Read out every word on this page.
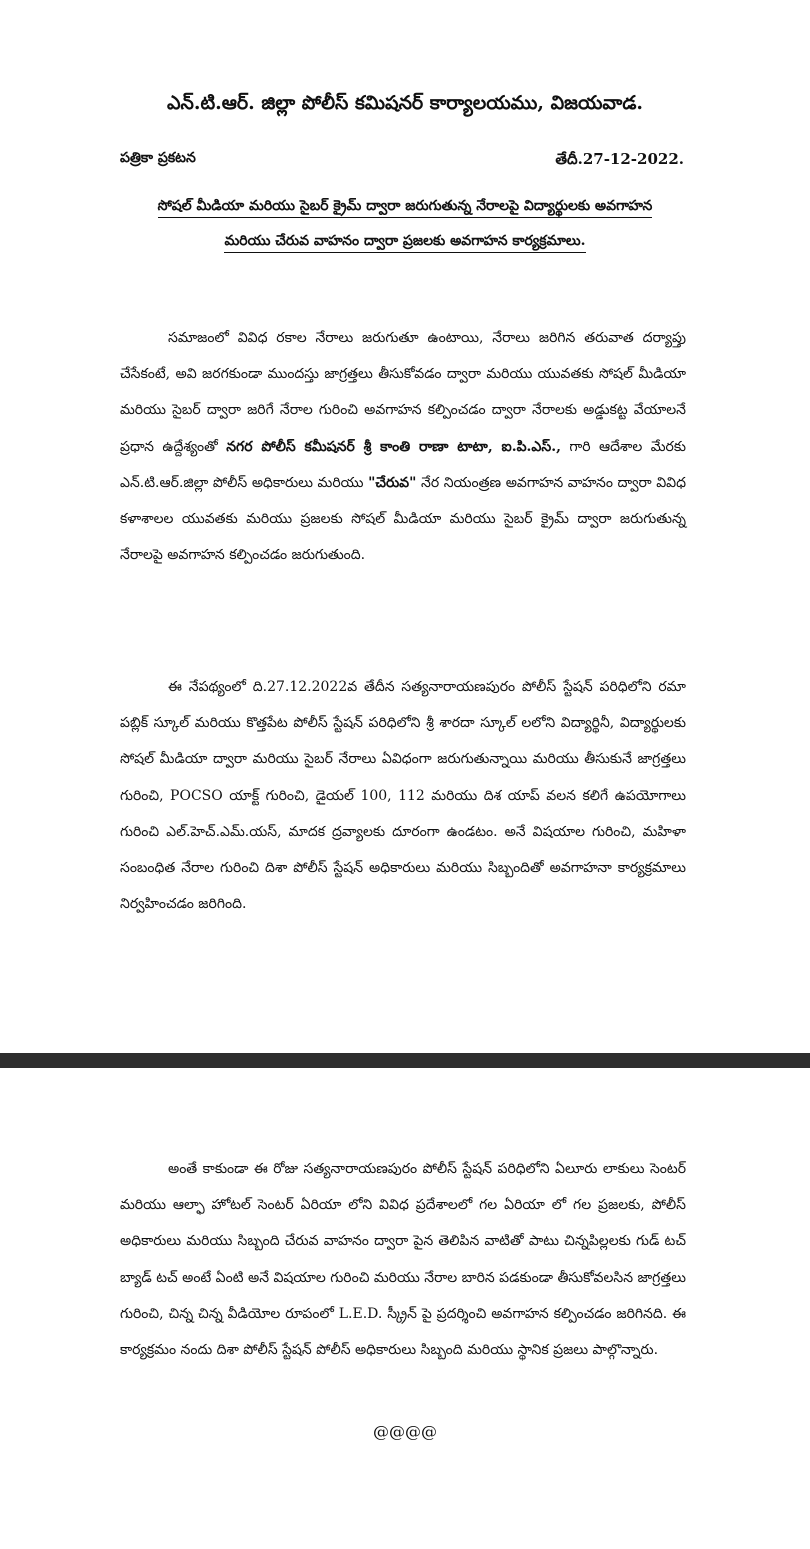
ఎన్.టి.ఆర్. జిల్లా పోలీస్ కమిషనర్ కార్యాలయము, విజయవాడ.
పత్రికా ప్రకటన	తేదీ.27-12-2022.
సోషల్ మీడియా మరియు సైబర్ క్రైమ్ ద్వారా జరుగుతున్న నేరాలపై విద్యార్థులకు అవగాహన
మరియు చేరువ వాహనం ద్వారా ప్రజలకు అవగాహన కార్యక్రమాలు.

సమాజంలో వివిధ రకాల నేరాలు జరుగుతూ ఉంటాయి, నేరాలు జరిగిన తరువాత దర్యాప్తు చేసేకంటే, అవి జరగకుండా ముందస్తు జాగ్రత్తలు తీసుకోవడం ద్వారా మరియు యువతకు సోషల్ మీడియా మరియు సైబర్ ద్వారా జరిగే నేరాల గురించి అవగాహన కల్పించడం ద్వారా నేరాలకు అడ్డుకట్ట వేయాలనే ప్రధాన ఉద్దేశ్యంతో నగర పోలీస్ కమీషనర్ శ్రీ కాంతి రాణా టాటా, ఐ.పి.ఎస్., గారి ఆదేశాల మేరకు ఎన్.టి.ఆర్.జిల్లా పోలీస్ అధికారులు మరియు "చేరువ" నేర నియంత్రణ అవగాహన వాహనం ద్వారా వివిధ కళాశాలల యువతకు మరియు ప్రజలకు సోషల్ మీడియా మరియు సైబర్ క్రైమ్ ద్వారా జరుగుతున్న నేరాలపై అవగాహన కల్పించడం జరుగుతుంది.

ఈ నేపథ్యంలో ది.27.12.2022వ తేదీన సత్యనారాయణపురం పోలీస్ స్టేషన్ పరిధిలోని రమా పబ్లిక్ స్కూల్ మరియు కొత్తపేట పోలీస్ స్టేషన్ పరిధిలోని శ్రీ శారదా స్కూల్ లలోని విద్యార్థినీ, విద్యార్థులకు సోషల్ మీడియా ద్వారా మరియు సైబర్ నేరాలు ఏవిధంగా జరుగుతున్నాయి మరియు తీసుకునే జాగ్రత్తలు గురించి, POCSO యాక్ట్ గురించి, డైయల్ 100, 112 మరియు దిశ యాప్ వలన కలిగే ఉపయోగాలు గురించి ఎల్.హెచ్.ఎమ్.యస్, మాదక ద్రవ్యాలకు దూరంగా ఉండటం. అనే విషయాల గురించి, మహిళా సంబంధిత నేరాల గురించి దిశా పోలీస్ స్టేషన్ అధికారులు మరియు సిబ్బందితో అవగాహనా కార్యక్రమాలు నిర్వహించడం జరిగింది.

అంతే కాకుండా ఈ రోజు సత్యనారాయణపురం పోలీస్ స్టేషన్ పరిధిలోని ఏలూరు లాకులు సెంటర్ మరియు ఆల్ఫా హోటల్ సెంటర్ ఏరియా లోని వివిధ ప్రదేశాలలో గల ఏరియా లో గల ప్రజలకు, పోలీస్ అధికారులు మరియు సిబ్బంది చేరువ వాహనం ద్వారా పైన తెలిపిన వాటితో పాటు చిన్నపిల్లలకు గుడ్ టచ్ బ్యాడ్ టచ్ అంటే ఏంటి అనే విషయాల గురించి మరియు నేరాల బారిన పడకుండా తీసుకోవలసిన జాగ్రత్తలు గురించి, చిన్న చిన్న వీడియోల రూపంలో L.E.D. స్క్రీన్ పై ప్రదర్శించి అవగాహన కల్పించడం జరిగినది. ఈ కార్యక్రమం నందు దిశా పోలీస్ స్టేషన్ పోలీస్ అధికారులు సిబ్బంది మరియు స్థానిక ప్రజలు పాల్గొన్నారు.

@@@@
